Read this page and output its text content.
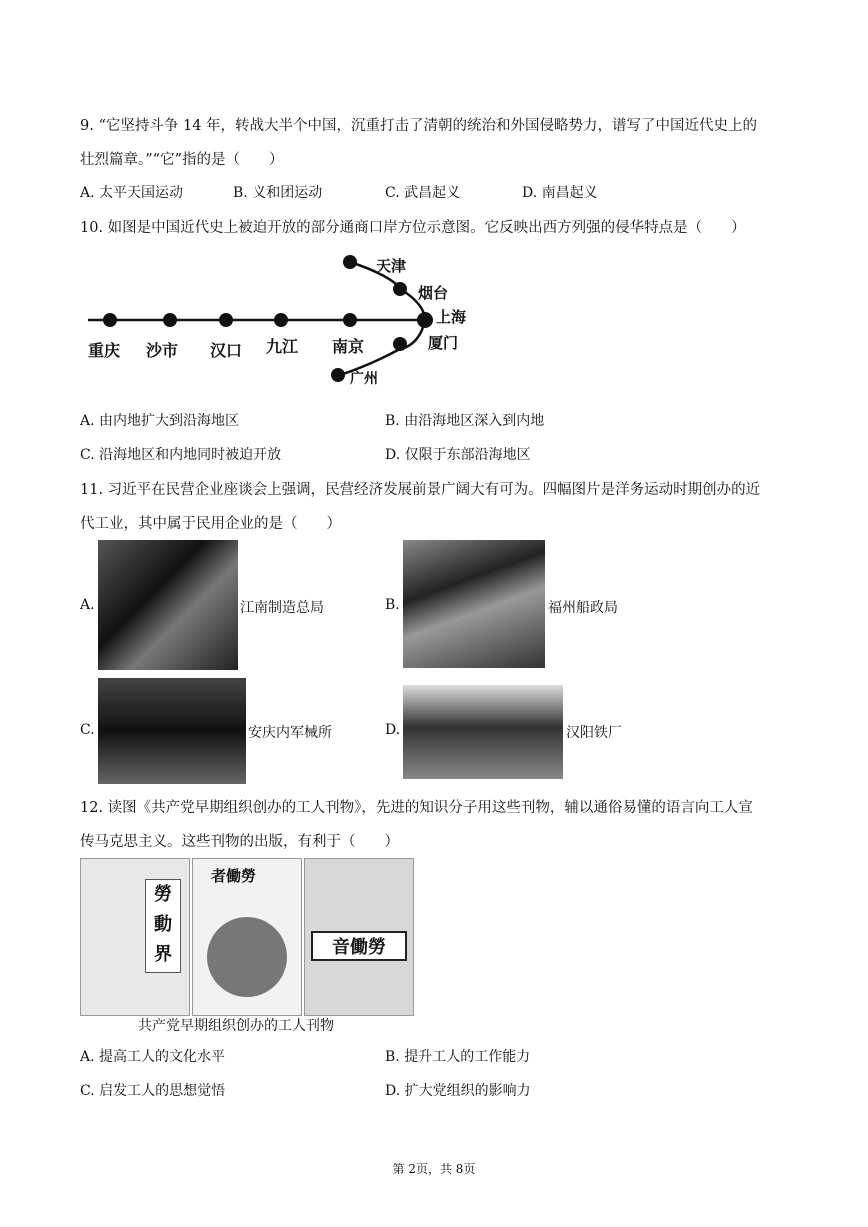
9. “它坚持斗争 14 年，转战大半个中国，沉重打击了清朝的统治和外国侵略势力，谱写了中国近代史上的
壮烈篇章。”“它”指的是（　　）
A. 太平天国运动	B. 义和团运动	C. 武昌起义	D. 南昌起义
10. 如图是中国近代史上被迫开放的部分通商口岸方位示意图。它反映出西方列强的侵华特点是（　　）
重庆 沙市 汉口 九江 南京
天津
烟台
上海
厦门
广州
A. 由内地扩大到沿海地区	B. 由沿海地区深入到内地
C. 沿海地区和内地同时被迫开放	D. 仅限于东部沿海地区
11. 习近平在民营企业座谈会上强调，民营经济发展前景广阔大有可为。四幅图片是洋务运动时期创办的近
代工业，其中属于民用企业的是（　　）
A.	江南制造总局	B.	福州船政局
C.	安庆内军械所	D.	汉阳铁厂
12. 读图《共产党早期组织创办的工人刊物》，先进的知识分子用这些刊物，辅以通俗易懂的语言向工人宣
传马克思主义。这些刊物的出版，有利于（　　）
勞動界
者働勞
音働勞
共产党早期组织创办的工人刊物
A. 提高工人的文化水平	B. 提升工人的工作能力
C. 启发工人的思想觉悟	D. 扩大党组织的影响力
第 2页，共 8页
